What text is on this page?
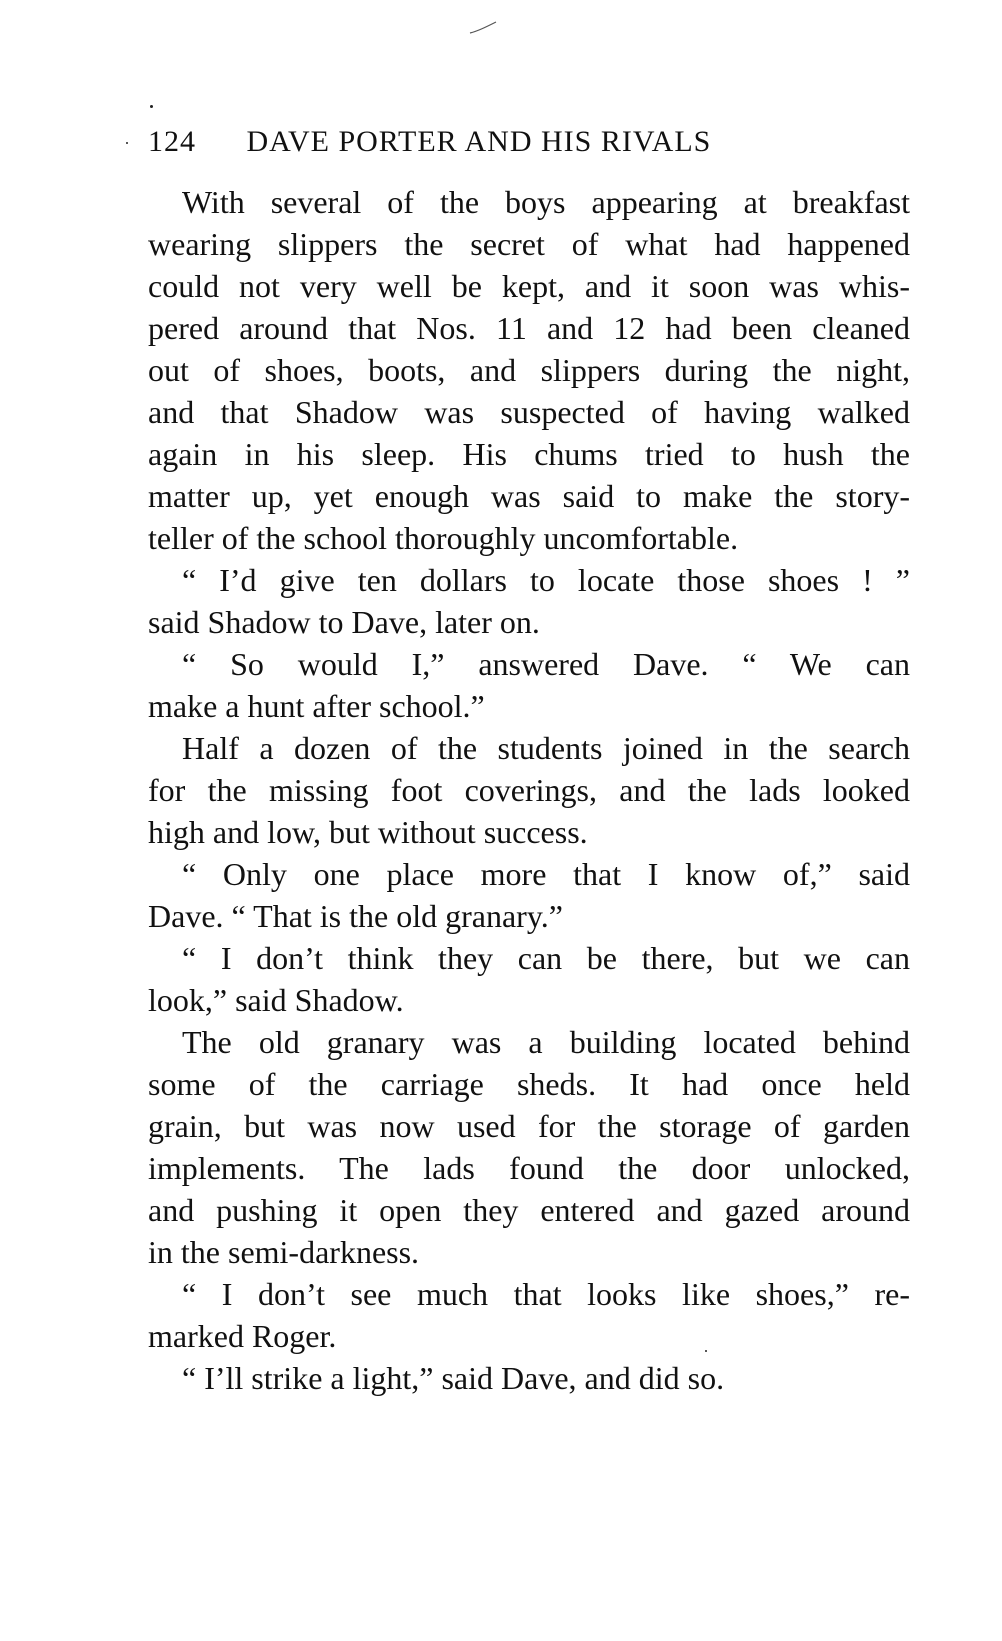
124 DAVE PORTER AND HIS RIVALS
With several of the boys appearing at breakfast
wearing slippers the secret of what had happened
could not very well be kept, and it soon was whis-
pered around that Nos. 11 and 12 had been cleaned
out of shoes, boots, and slippers during the night,
and that Shadow was suspected of having walked
again in his sleep. His chums tried to hush the
matter up, yet enough was said to make the story-
teller of the school thoroughly uncomfortable.
“ I’d give ten dollars to locate those shoes ! ”
said Shadow to Dave, later on.
“ So would I,” answered Dave. “ We can
make a hunt after school.”
Half a dozen of the students joined in the search
for the missing foot coverings, and the lads looked
high and low, but without success.
“ Only one place more that I know of,” said
Dave. “ That is the old granary.”
“ I don’t think they can be there, but we can
look,” said Shadow.
The old granary was a building located behind
some of the carriage sheds. It had once held
grain, but was now used for the storage of garden
implements. The lads found the door unlocked,
and pushing it open they entered and gazed around
in the semi-darkness.
“ I don’t see much that looks like shoes,” re-
marked Roger.
“ I’ll strike a light,” said Dave, and did so.
